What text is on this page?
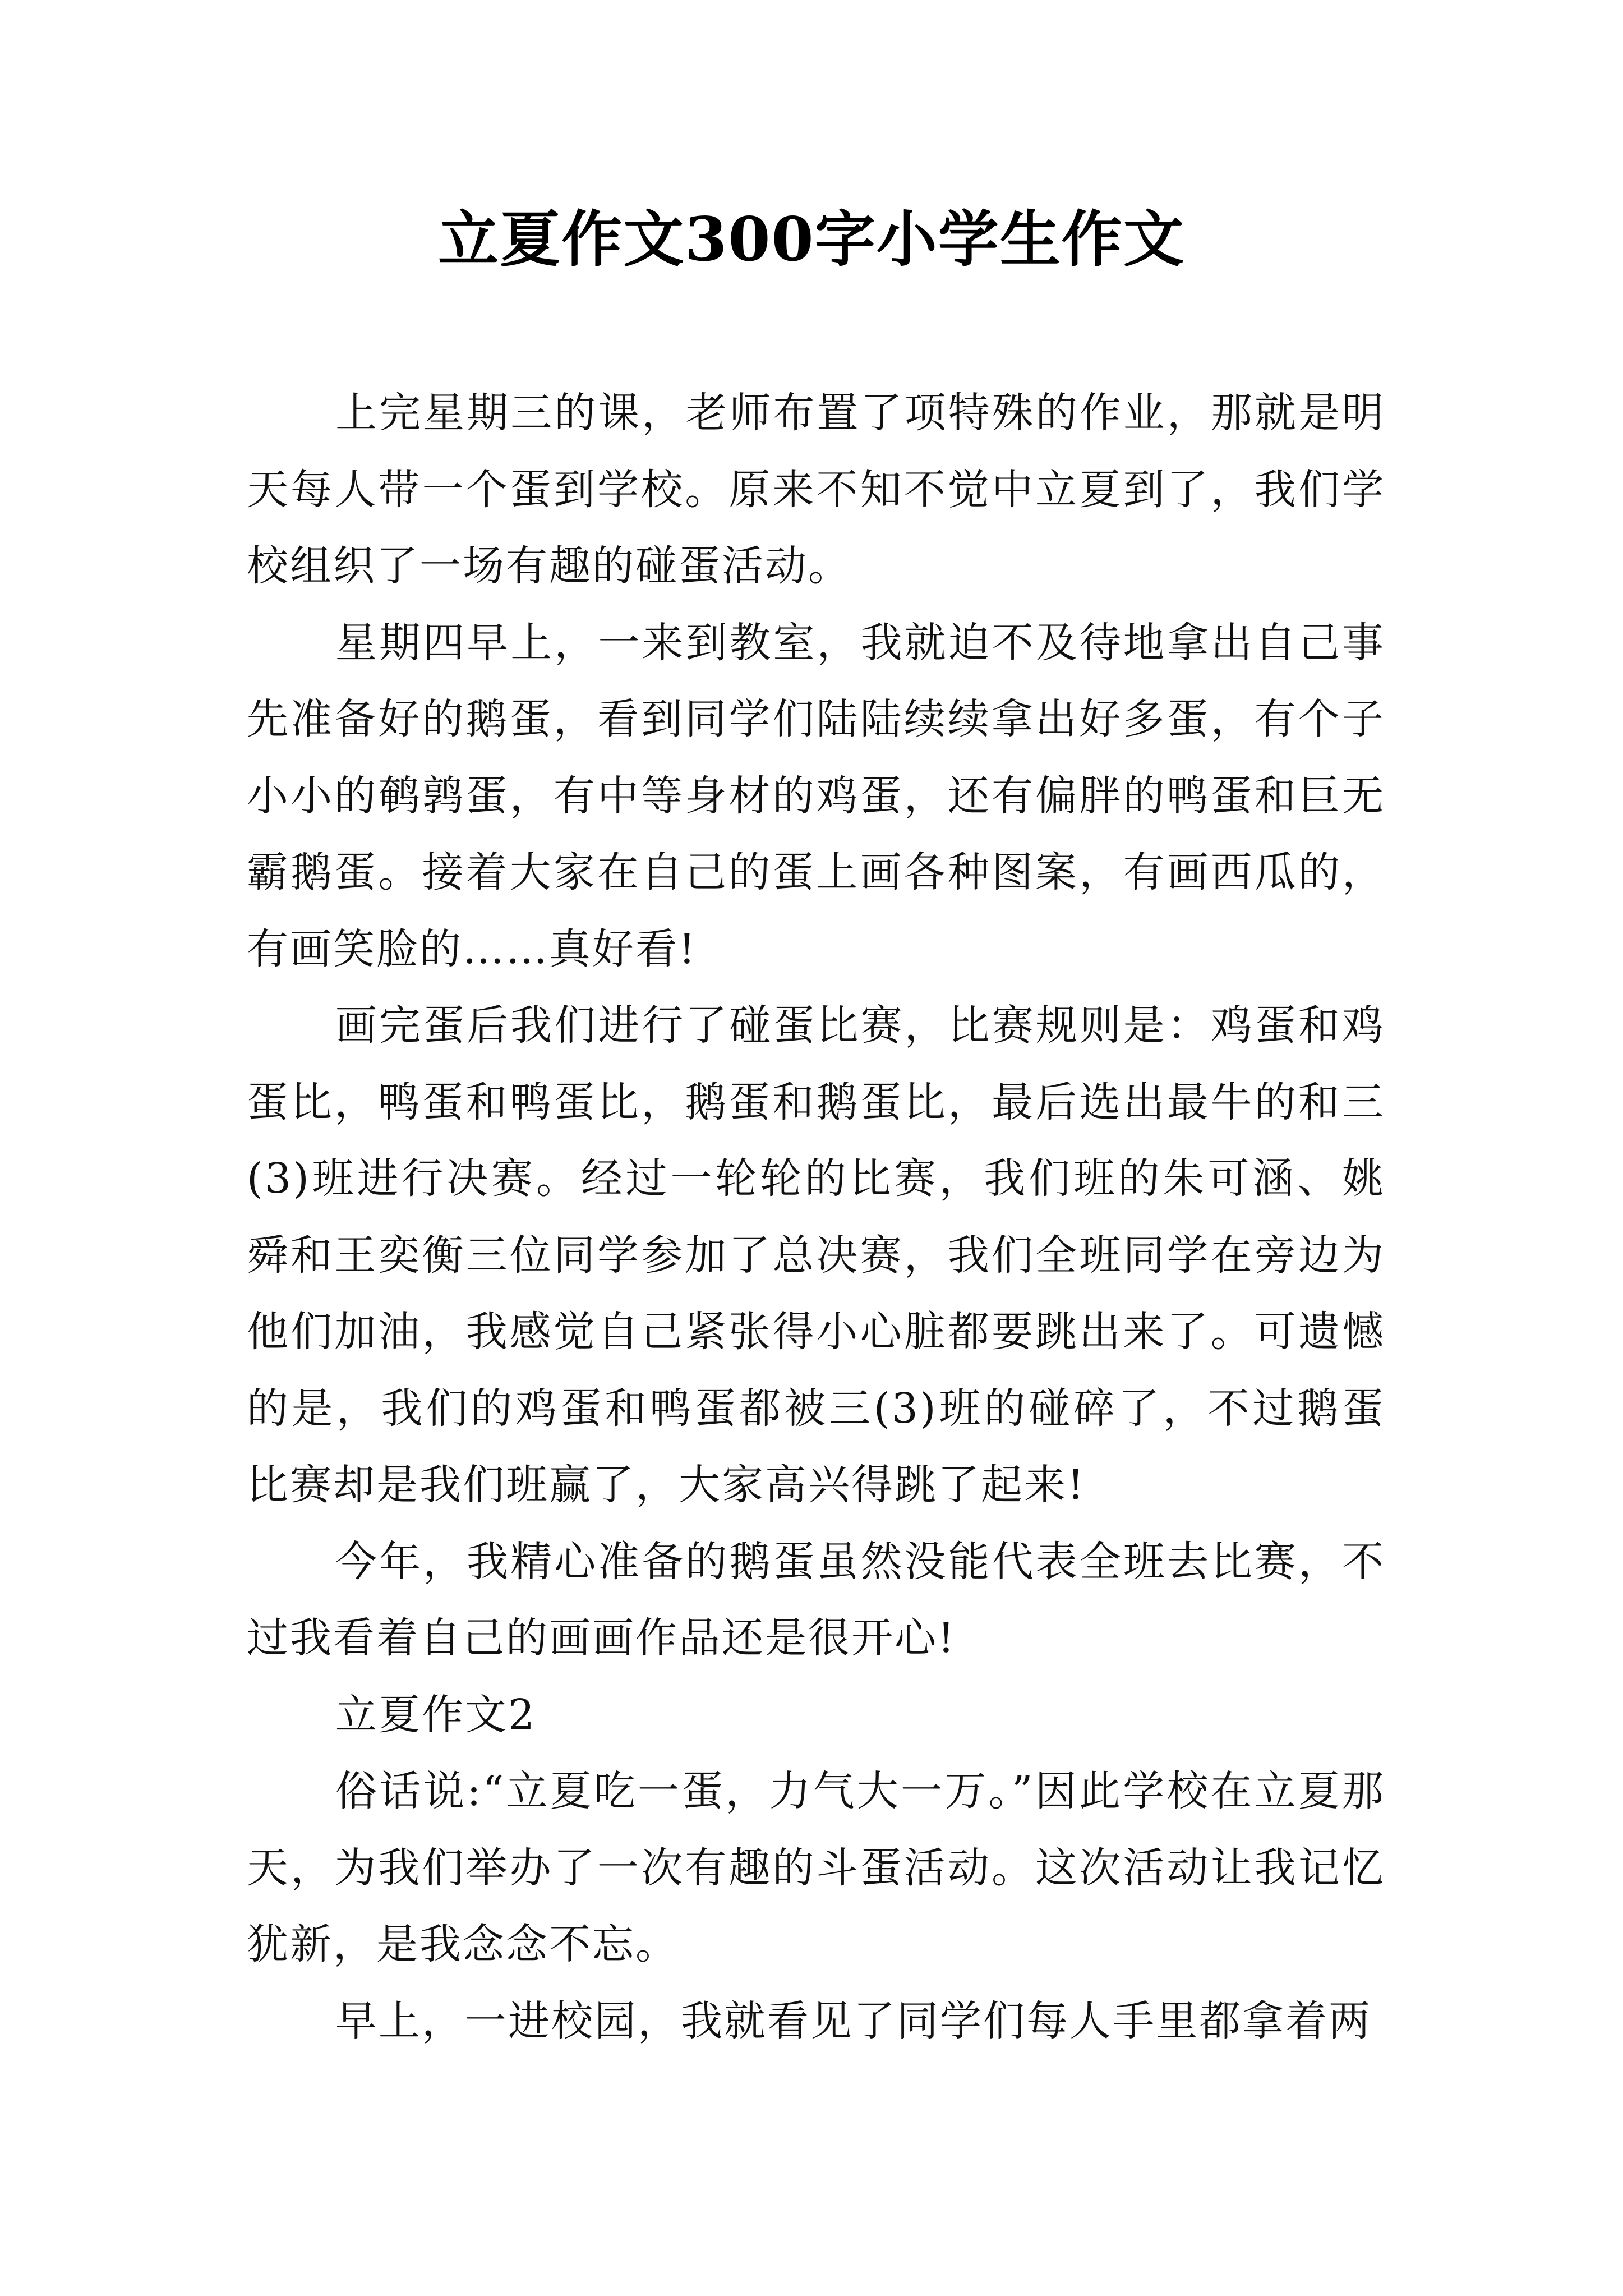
立夏作文300字小学生作文

上完星期三的课，老师布置了项特殊的作业，那就是明天每人带一个蛋到学校。原来不知不觉中立夏到了，我们学校组织了一场有趣的碰蛋活动。

星期四早上，一来到教室，我就迫不及待地拿出自己事先准备好的鹅蛋，看到同学们陆陆续续拿出好多蛋，有个子小小的鹌鹑蛋，有中等身材的鸡蛋，还有偏胖的鸭蛋和巨无霸鹅蛋。接着大家在自己的蛋上画各种图案，有画西瓜的，有画笑脸的……真好看!

画完蛋后我们进行了碰蛋比赛，比赛规则是：鸡蛋和鸡蛋比，鸭蛋和鸭蛋比，鹅蛋和鹅蛋比，最后选出最牛的和三(3)班进行决赛。经过一轮轮的比赛，我们班的朱可涵、姚舜和王奕衡三位同学参加了总决赛，我们全班同学在旁边为他们加油，我感觉自己紧张得小心脏都要跳出来了。可遗憾的是，我们的鸡蛋和鸭蛋都被三(3)班的碰碎了，不过鹅蛋比赛却是我们班赢了，大家高兴得跳了起来!

今年，我精心准备的鹅蛋虽然没能代表全班去比赛，不过我看着自己的画画作品还是很开心!

立夏作文2

俗话说:“立夏吃一蛋，力气大一万。”因此学校在立夏那天，为我们举办了一次有趣的斗蛋活动。这次活动让我记忆犹新，是我念念不忘。

早上，一进校园，我就看见了同学们每人手里都拿着两
